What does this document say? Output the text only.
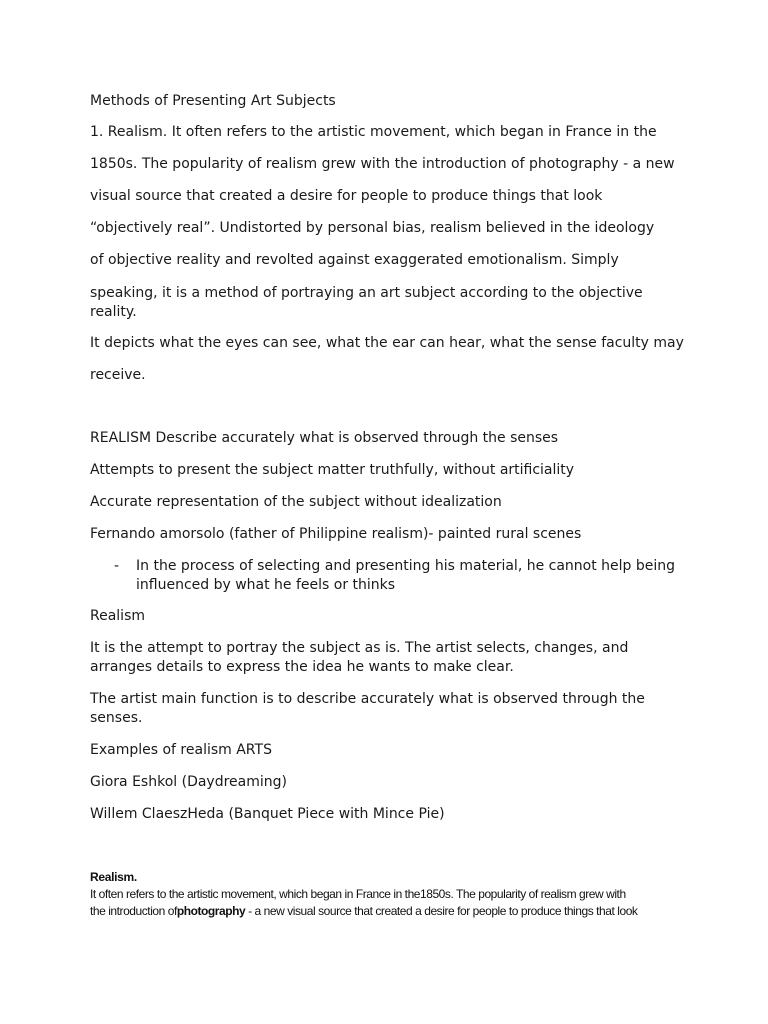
Methods of Presenting Art Subjects
1. Realism. It often refers to the artistic movement, which began in France in the
1850s. The popularity of realism grew with the introduction of photography - a new
visual source that created a desire for people to produce things that look
“objectively real”. Undistorted by personal bias, realism believed in the ideology
of objective reality and revolted against exaggerated emotionalism. Simply
speaking, it is a method of portraying an art subject according to the objective reality.
It depicts what the eyes can see, what the ear can hear, what the sense faculty may
receive.
REALISM Describe accurately what is observed through the senses
Attempts to present the subject matter truthfully, without artificiality
Accurate representation of the subject without idealization
Fernando amorsolo (father of Philippine realism)- painted rural scenes
- In the process of selecting and presenting his material, he cannot help being influenced by what he feels or thinks
Realism
It is the attempt to portray the subject as is. The artist selects, changes, and arranges details to express the idea he wants to make clear.
The artist main function is to describe accurately what is observed through the senses.
Examples of realism ARTS
Giora Eshkol (Daydreaming)
Willem ClaeszHeda (Banquet Piece with Mince Pie)
Realism.
It often refers to the artistic movement, which began in France in the1850s. The popularity of realism grew with
the introduction ofphotography - a new visual source that created a desire for people to produce things that look
